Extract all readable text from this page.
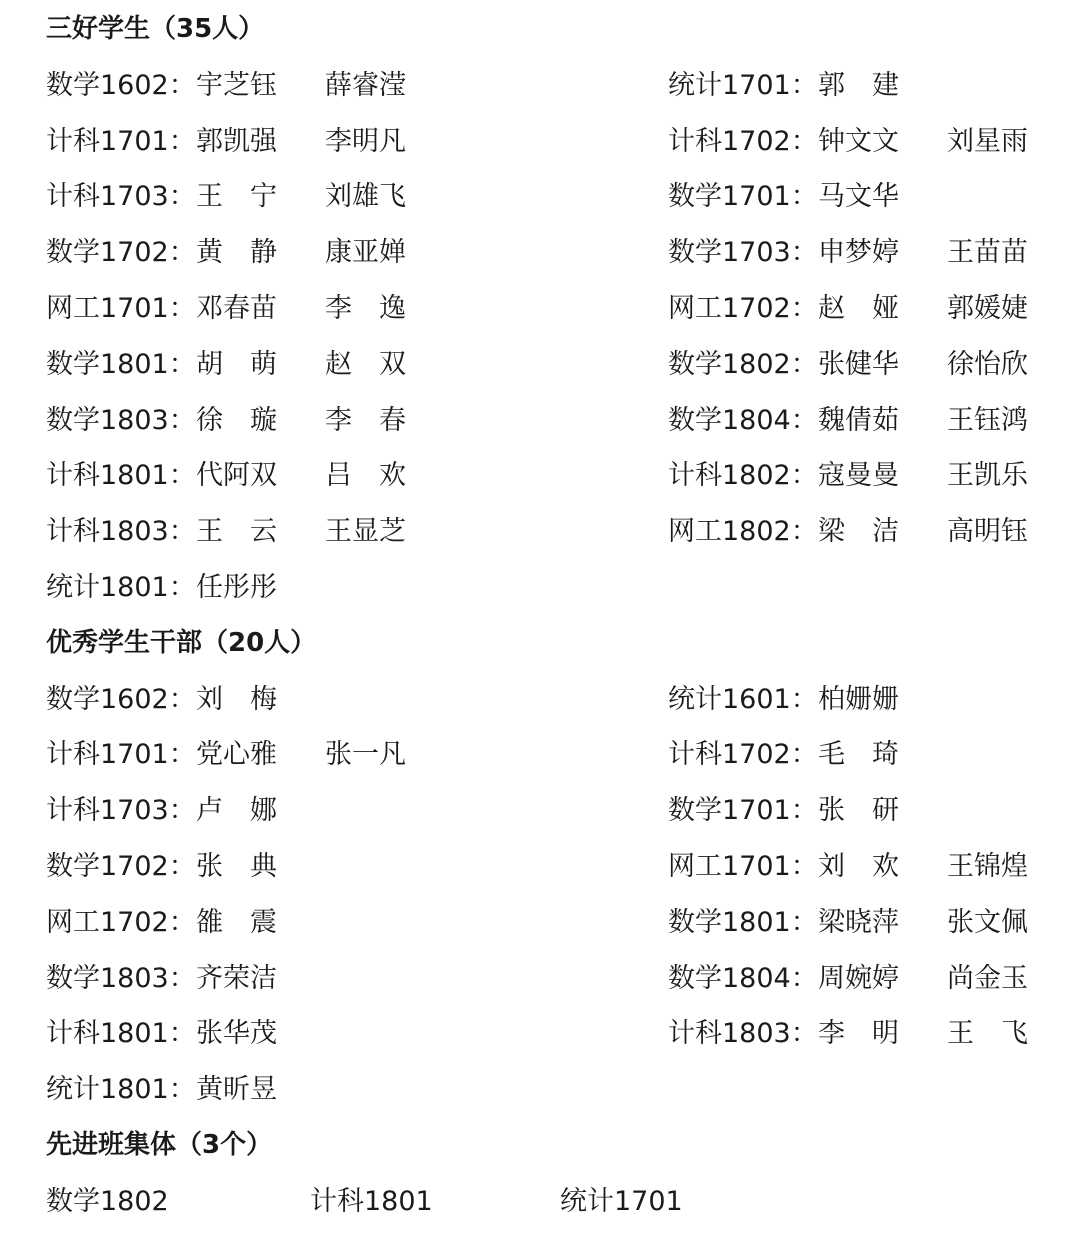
三好学生（35人）
数学1602： 宇芝钰 薛睿滢	统计1701： 郭　建
计科1701： 郭凯强 李明凡	计科1702： 钟文文 刘星雨
计科1703： 王　宁 刘雄飞	数学1701： 马文华
数学1702： 黄　静 康亚婵	数学1703： 申梦婷 王苗苗
网工1701： 邓春苗 李　逸	网工1702： 赵　娅 郭媛婕
数学1801： 胡　萌 赵　双	数学1802： 张健华 徐怡欣
数学1803： 徐　璇 李　春	数学1804： 魏倩茹 王钰鸿
计科1801： 代阿双 吕　欢	计科1802： 寇曼曼 王凯乐
计科1803： 王　云 王显芝	网工1802： 梁　洁 高明钰
统计1801： 任彤彤
优秀学生干部（20人）
数学1602： 刘　梅	统计1601： 柏姗姗
计科1701： 党心雅 张一凡	计科1702： 毛　琦
计科1703： 卢　娜	数学1701： 张　研
数学1702： 张　典	网工1701： 刘　欢 王锦煌
网工1702： 雒　震	数学1801： 梁晓萍 张文佩
数学1803： 齐荣洁	数学1804： 周婉婷 尚金玉
计科1801： 张华茂	计科1803： 李　明 王　飞
统计1801： 黄昕昱
先进班集体（3个）
数学1802	计科1801	统计1701
